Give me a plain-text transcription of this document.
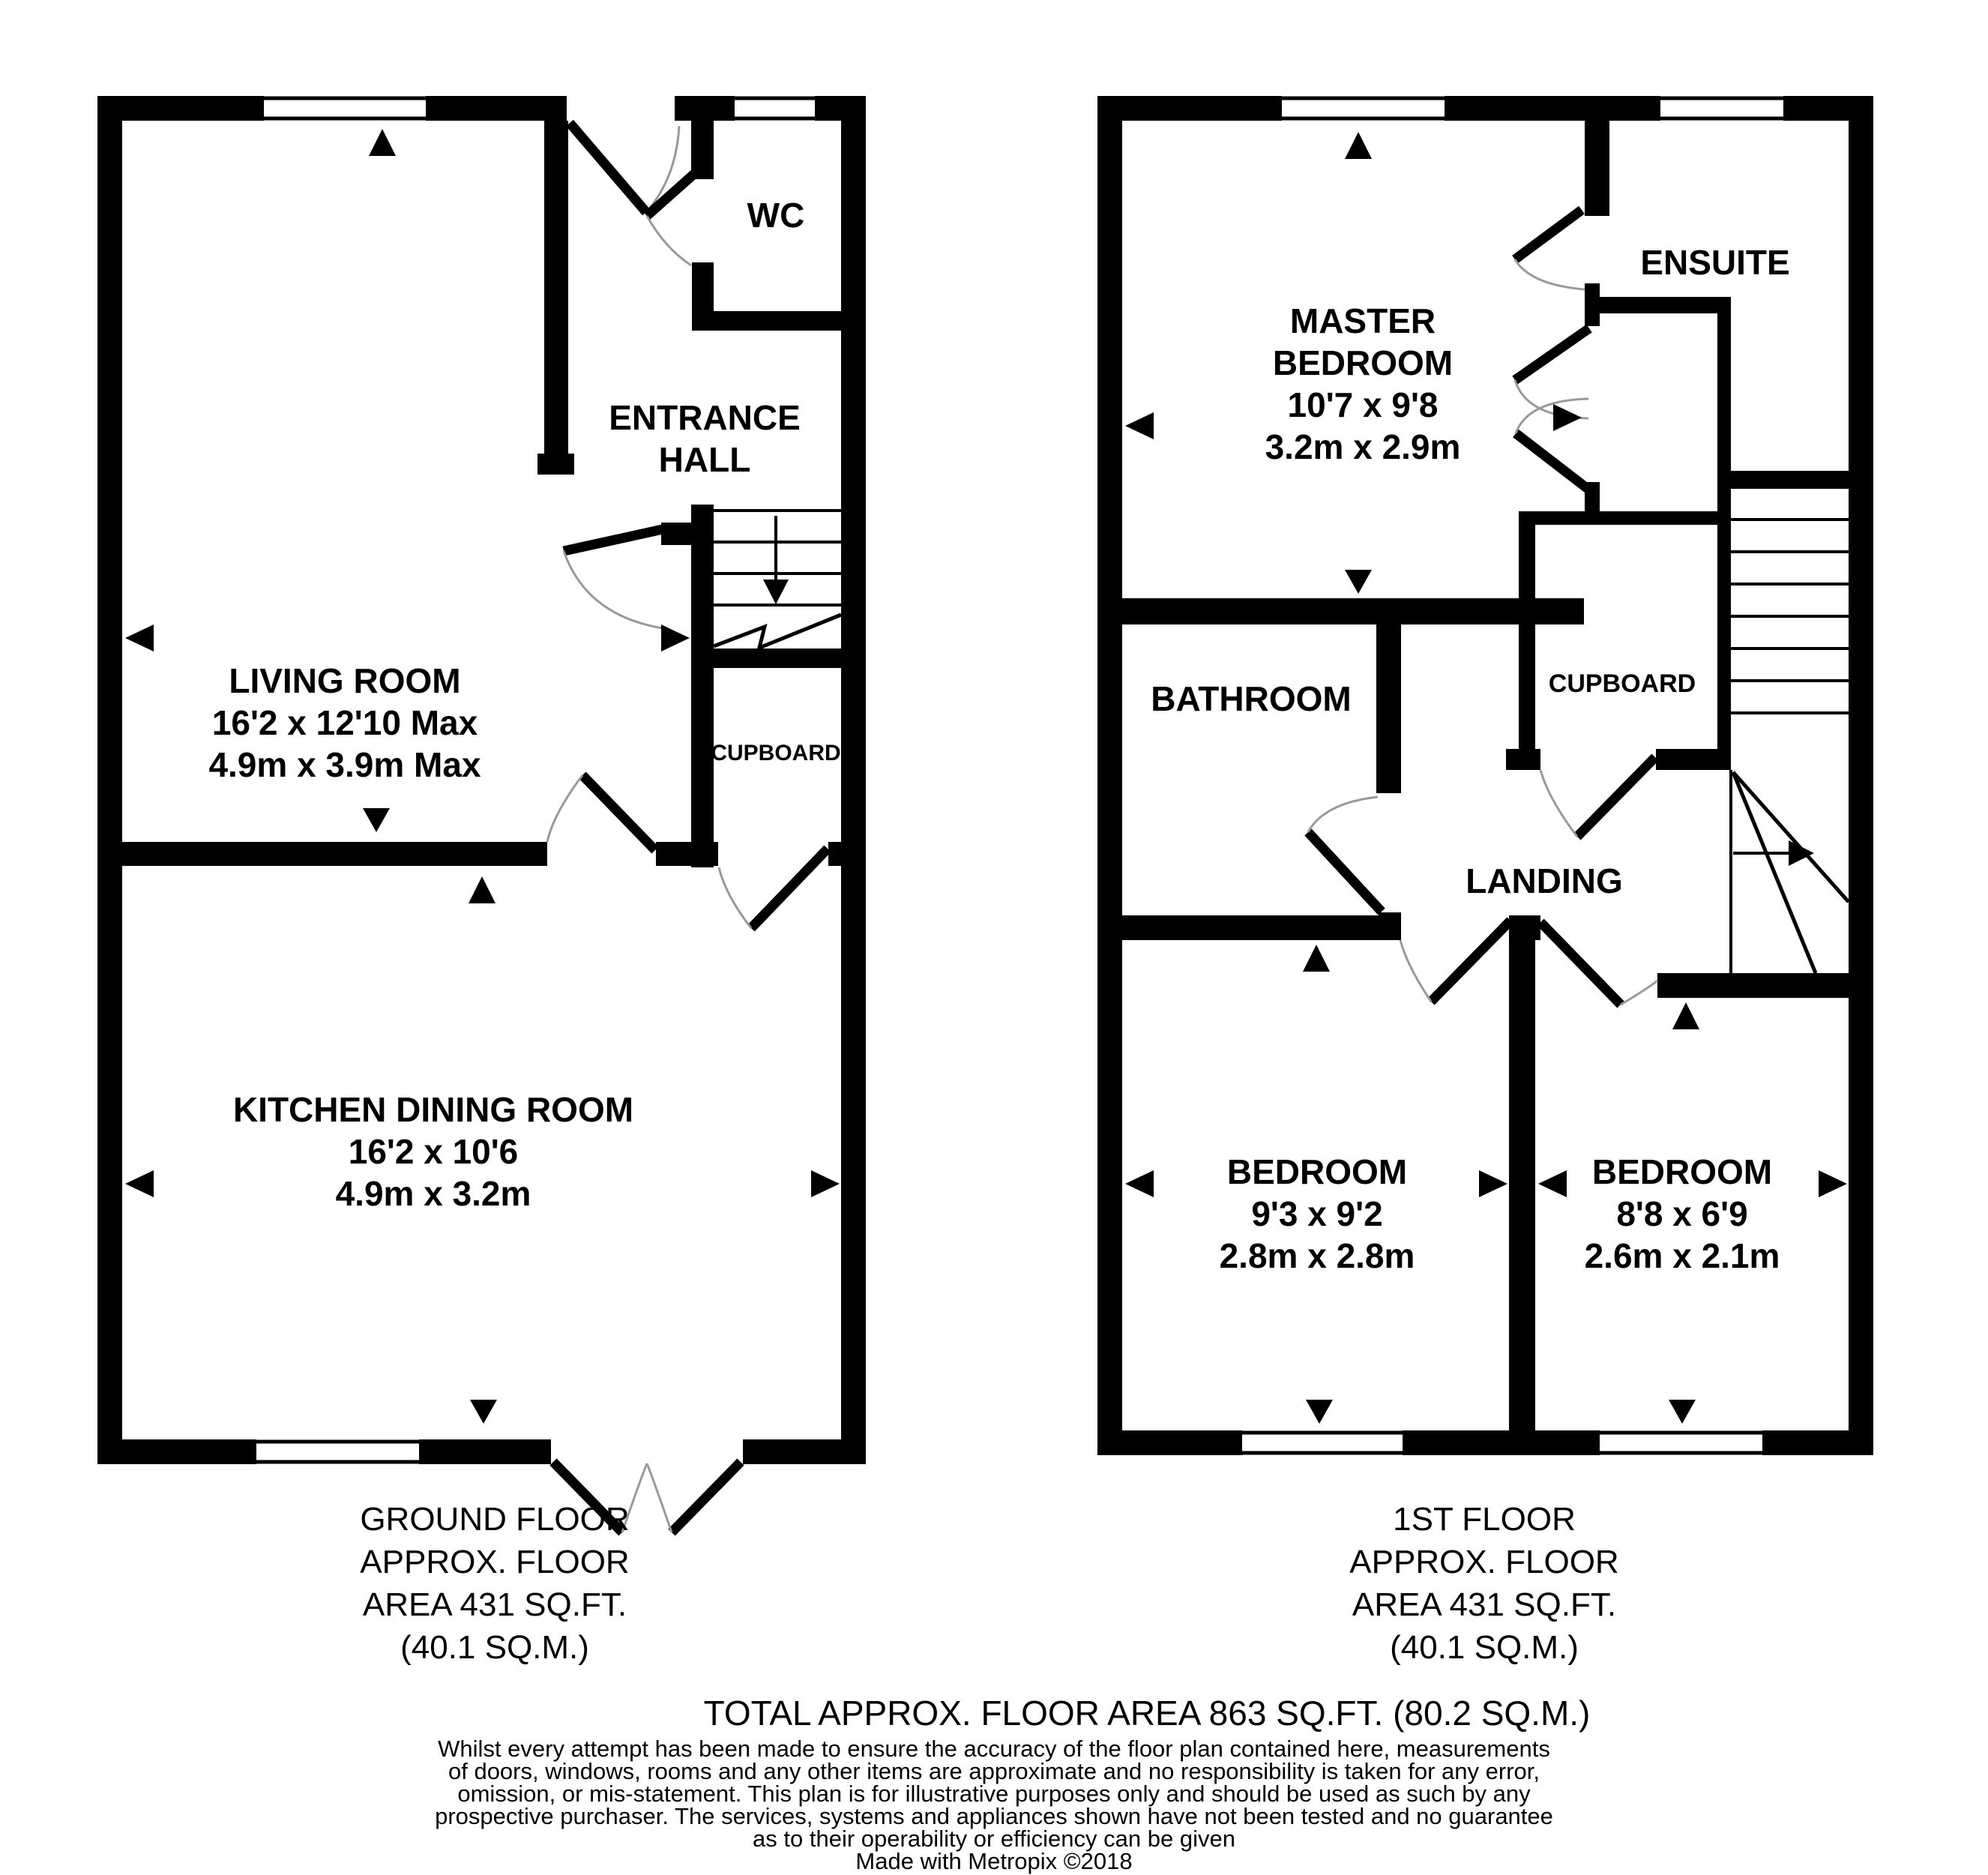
WC
ENTRANCE
HALL
LIVING ROOM
16'2 x 12'10 Max
4.9m x 3.9m Max	CUPBOARD
KITCHEN DINING ROOM
16'2 x 10'6
4.9m x 3.2m
MASTER
BEDROOM
10'7 x 9'8
3.2m x 2.9m
ENSUITE
BATHROOM	CUPBOARD
LANDING
BEDROOM
9'3 x 9'2
2.8m x 2.8m
BEDROOM
8'8 x 6'9
2.6m x 2.1m
GROUND FLOOR
APPROX. FLOOR
AREA 431 SQ.FT.
(40.1 SQ.M.)
1ST FLOOR
APPROX. FLOOR
AREA 431 SQ.FT.
(40.1 SQ.M.)
TOTAL APPROX. FLOOR AREA 863 SQ.FT. (80.2 SQ.M.)
Whilst every attempt has been made to ensure the accuracy of the floor plan contained here, measurements
of doors, windows, rooms and any other items are approximate and no responsibility is taken for any error,
omission, or mis-statement. This plan is for illustrative purposes only and should be used as such by any
prospective purchaser. The services, systems and appliances shown have not been tested and no guarantee
as to their operability or efficiency can be given
Made with Metropix ©2018
